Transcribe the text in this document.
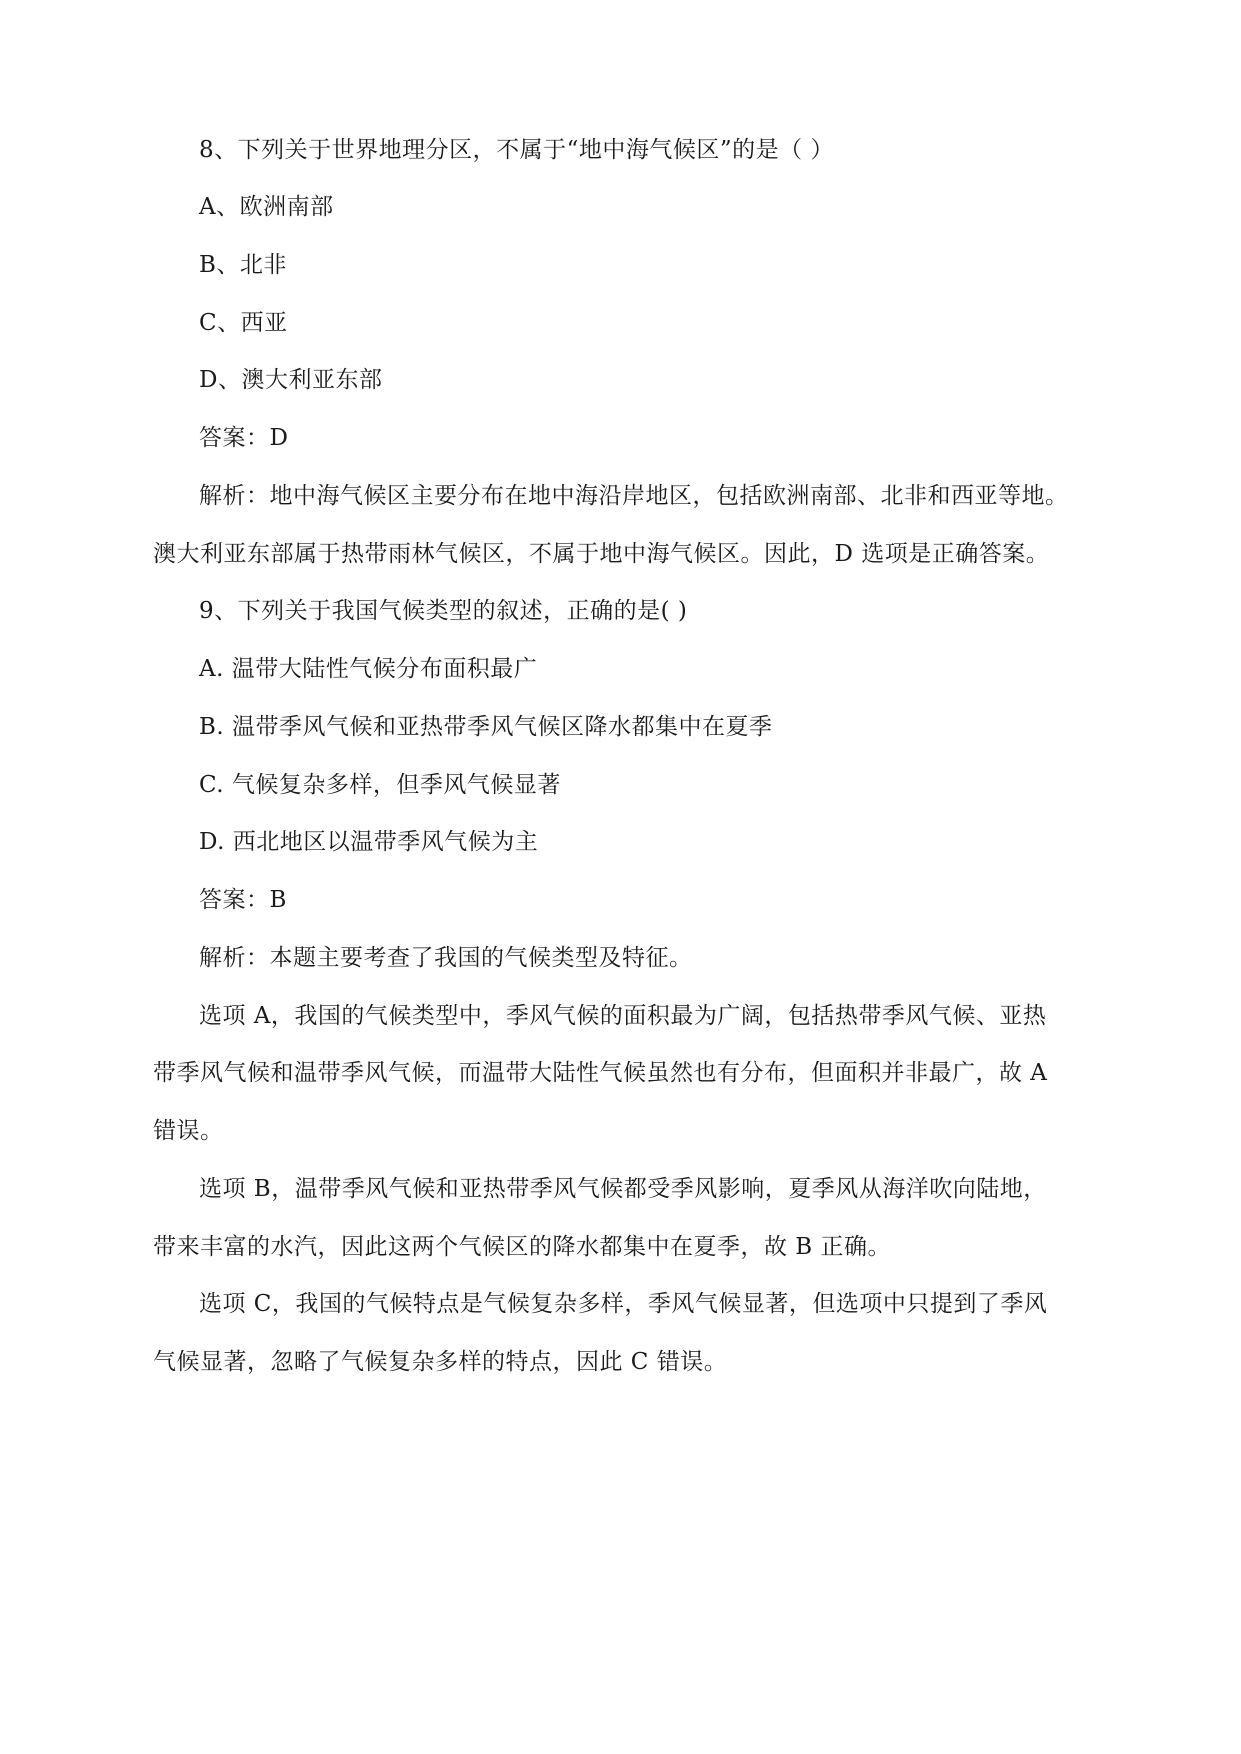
8、下列关于世界地理分区，不属于“地中海气候区”的是（ ）
A、欧洲南部
B、北非
C、西亚
D、澳大利亚东部
答案：D
解析：地中海气候区主要分布在地中海沿岸地区，包括欧洲南部、北非和西亚等地。
澳大利亚东部属于热带雨林气候区，不属于地中海气候区。因此，D 选项是正确答案。
9、下列关于我国气候类型的叙述，正确的是( )
A. 温带大陆性气候分布面积最广
B. 温带季风气候和亚热带季风气候区降水都集中在夏季
C. 气候复杂多样，但季风气候显著
D. 西北地区以温带季风气候为主
答案：B
解析：本题主要考查了我国的气候类型及特征。
选项 A，我国的气候类型中，季风气候的面积最为广阔，包括热带季风气候、亚热
带季风气候和温带季风气候，而温带大陆性气候虽然也有分布，但面积并非最广，故 A
错误。
选项 B，温带季风气候和亚热带季风气候都受季风影响，夏季风从海洋吹向陆地，
带来丰富的水汽，因此这两个气候区的降水都集中在夏季，故 B 正确。
选项 C，我国的气候特点是气候复杂多样，季风气候显著，但选项中只提到了季风
气候显著，忽略了气候复杂多样的特点，因此 C 错误。
